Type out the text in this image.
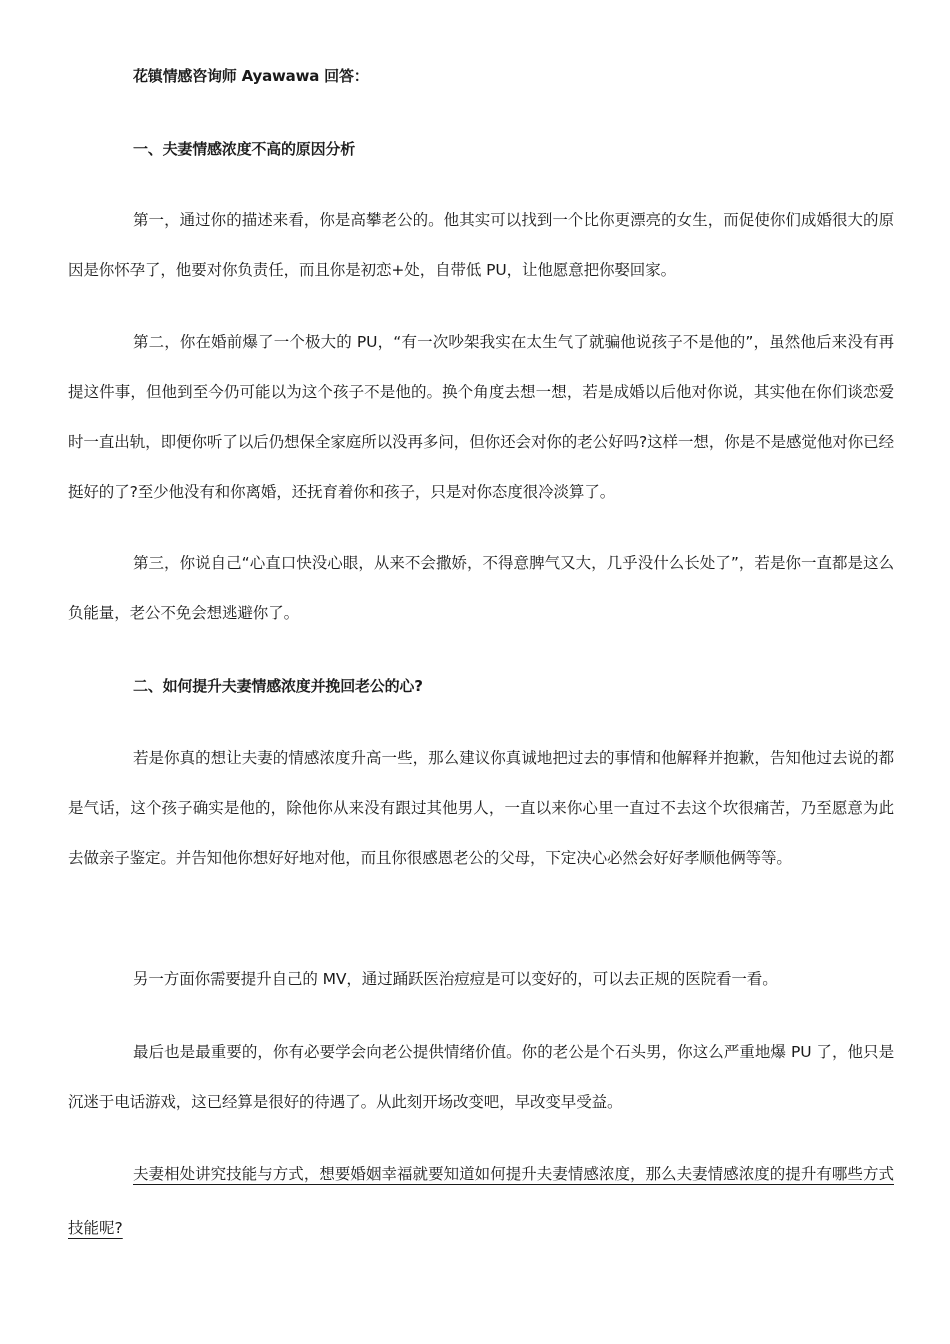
花镇情感咨询师 Ayawawa 回答：
一、夫妻情感浓度不高的原因分析

第一，通过你的描述来看，你是高攀老公的。他其实可以找到一个比你更漂亮的女生，而促使你们成婚很大的原因是你怀孕了，他要对你负责任，而且你是初恋+处，自带低 PU，让他愿意把你娶回家。

第二，你在婚前爆了一个极大的 PU，“有一次吵架我实在太生气了就骗他说孩子不是他的”，虽然他后来没有再提这件事，但他到至今仍可能以为这个孩子不是他的。换个角度去想一想，若是成婚以后他对你说，其实他在你们谈恋爱时一直出轨，即便你听了以后仍想保全家庭所以没再多问，但你还会对你的老公好吗?这样一想，你是不是感觉他对你已经挺好的了?至少他没有和你离婚，还抚育着你和孩子，只是对你态度很冷淡算了。

第三，你说自己“心直口快没心眼，从来不会撒娇，不得意脾气又大，几乎没什么长处了”，若是你一直都是这么负能量，老公不免会想逃避你了。

二、如何提升夫妻情感浓度并挽回老公的心?

若是你真的想让夫妻的情感浓度升高一些，那么建议你真诚地把过去的事情和他解释并抱歉，告知他过去说的都是气话，这个孩子确实是他的，除他你从来没有跟过其他男人，一直以来你心里一直过不去这个坎很痛苦，乃至愿意为此去做亲子鉴定。并告知他你想好好地对他，而且你很感恩老公的父母，下定决心必然会好好孝顺他俩等等。

另一方面你需要提升自己的 MV，通过踊跃医治痘痘是可以变好的，可以去正规的医院看一看。

最后也是最重要的，你有必要学会向老公提供情绪价值。你的老公是个石头男，你这么严重地爆 PU 了，他只是沉迷于电话游戏，这已经算是很好的待遇了。从此刻开场改变吧，早改变早受益。

夫妻相处讲究技能与方式，想要婚姻幸福就要知道如何提升夫妻情感浓度，那么夫妻情感浓度的提升有哪些方式技能呢?
